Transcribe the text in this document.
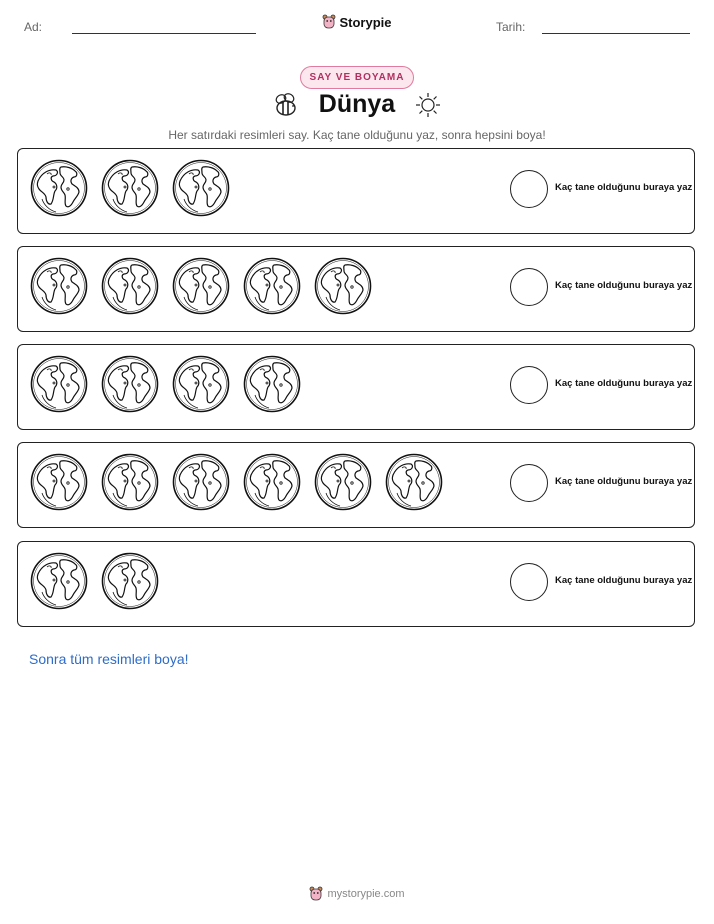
Ad:	Storypie	Tarih:
SAY VE BOYAMA
Dünya
Her satırdaki resimleri say. Kaç tane olduğunu yaz, sonra hepsini boya!
Kaç tane olduğunu buraya yaz
Kaç tane olduğunu buraya yaz
Kaç tane olduğunu buraya yaz
Kaç tane olduğunu buraya yaz
Kaç tane olduğunu buraya yaz
Sonra tüm resimleri boya!
mystorypie.com
